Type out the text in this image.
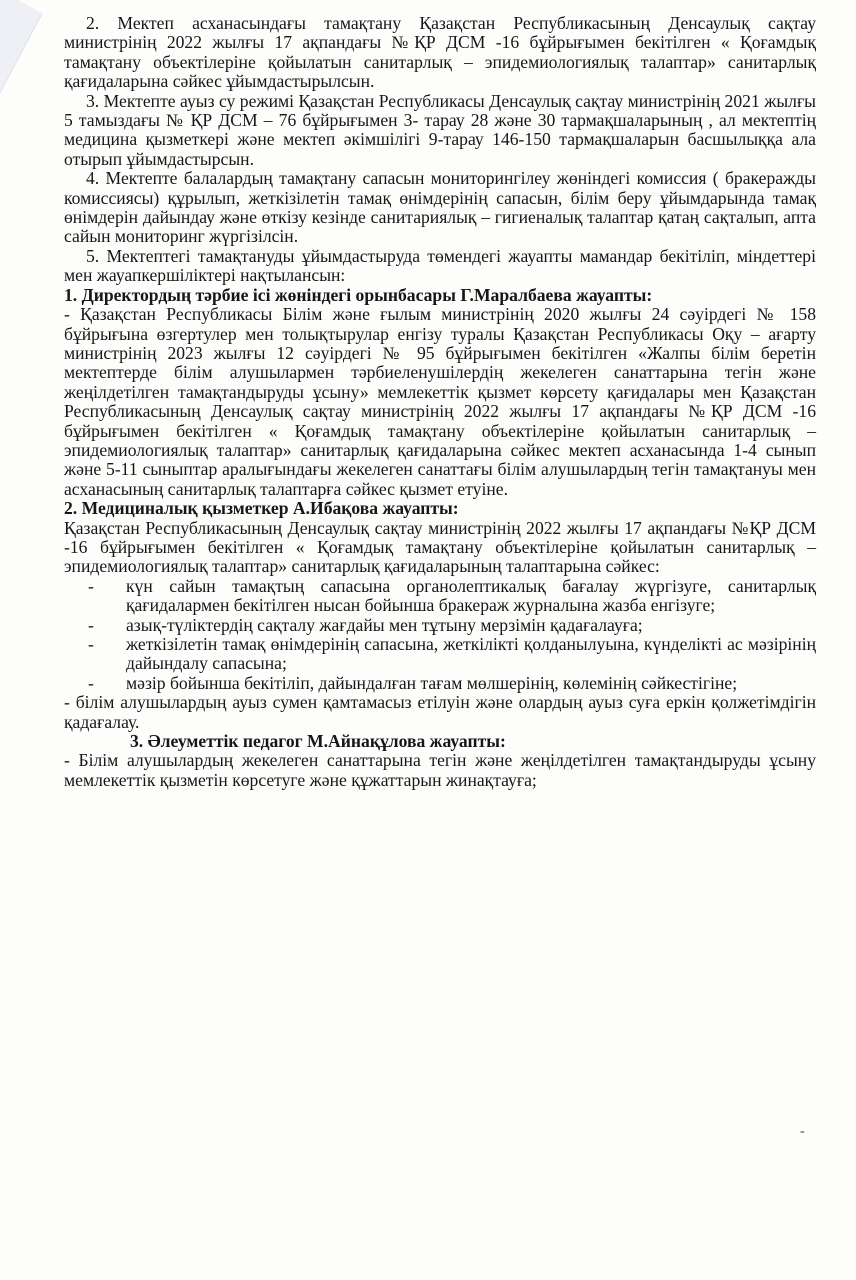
2. Мектеп асханасындағы тамақтану Қазақстан Республикасының Денсаулық сақтау министрінің 2022 жылғы 17 ақпандағы №ҚР ДСМ -16 бұйрығымен бекітілген « Қоғамдық тамақтану объектілеріне қойылатын санитарлық – эпидемиологиялық талаптар» санитарлық қағидаларына сәйкес ұйымдастырылсын.

3. Мектепте ауыз су режимі Қазақстан Республикасы Денсаулық сақтау министрінің 2021 жылғы 5 тамыздағы № ҚР ДСМ – 76 бұйрығымен 3- тарау 28 және 30 тармақшаларының , ал мектептің медицина қызметкері және мектеп әкімшілігі 9-тарау 146-150 тармақшаларын басшылыққа ала отырып ұйымдастырсын.

4. Мектепте балалардың тамақтану сапасын мониторингілеу жөніндегі комиссия ( бракеражды комиссиясы) құрылып, жеткізілетін тамақ өнімдерінің сапасын, білім беру ұйымдарында тамақ өнімдерін дайындау және өткізу кезінде санитариялық – гигиеналық талаптар қатаң сақталып, апта сайын мониторинг жүргізілсін.

5. Мектептегі тамақтануды ұйымдастыруда төмендегі жауапты мамандар бекітіліп, міндеттері мен жауапкершіліктері нақтылансын:

1. Директордың тәрбие ісі жөніндегі орынбасары Г.Маралбаева жауапты:

- Қазақстан Республикасы Білім және ғылым министрінің 2020 жылғы 24 сәуірдегі № 158 бұйрығына өзгертулер мен толықтырулар енгізу туралы Қазақстан Республикасы Оқу – ағарту министрінің 2023 жылғы 12 сәуірдегі № 95 бұйрығымен бекітілген «Жалпы білім беретін мектептерде білім алушылармен тәрбиеленушілердің жекелеген санаттарына тегін және жеңілдетілген тамақтандыруды ұсыну» мемлекеттік қызмет көрсету қағидалары мен Қазақстан Республикасының Денсаулық сақтау министрінің 2022 жылғы 17 ақпандағы №ҚР ДСМ -16 бұйрығымен бекітілген « Қоғамдық тамақтану объектілеріне қойылатын санитарлық – эпидемиологиялық талаптар» санитарлық қағидаларына сәйкес мектеп асханасында 1-4 сынып және 5-11 сыныптар аралығындағы жекелеген санаттағы білім алушылардың тегін тамақтануы мен асханасының санитарлық талаптарға сәйкес қызмет етуіне.

2. Медициналық қызметкер А.Ибақова жауапты:

Қазақстан Республикасының Денсаулық сақтау министрінің 2022 жылғы 17 ақпандағы №ҚР ДСМ -16 бұйрығымен бекітілген « Қоғамдық тамақтану объектілеріне қойылатын санитарлық – эпидемиологиялық талаптар» санитарлық қағидаларының талаптарына сәйкес:

- күн сайын тамақтың сапасына органолептикалық бағалау жүргізуге, санитарлық қағидалармен бекітілген нысан бойынша бракераж журналына жазба енгізуге;
- азық-түліктердің сақталу жағдайы мен тұтыну мерзімін қадағалауға;
- жеткізілетін тамақ өнімдерінің сапасына, жеткілікті қолданылуына, күнделікті ас мәзірінің дайындалу сапасына;
- мәзір бойынша бекітіліп, дайындалған тағам мөлшерінің, көлемінің сәйкестігіне;

- білім алушылардың ауыз сумен қамтамасыз етілуін және олардың ауыз суға еркін қолжетімдігін қадағалау.

3. Әлеуметтік педагог М.Айнақұлова жауапты:

- Білім алушылардың жекелеген санаттарына тегін және жеңілдетілген тамақтандыруды ұсыну мемлекеттік қызметін көрсетуге және құжаттарын жинақтауға;

-
